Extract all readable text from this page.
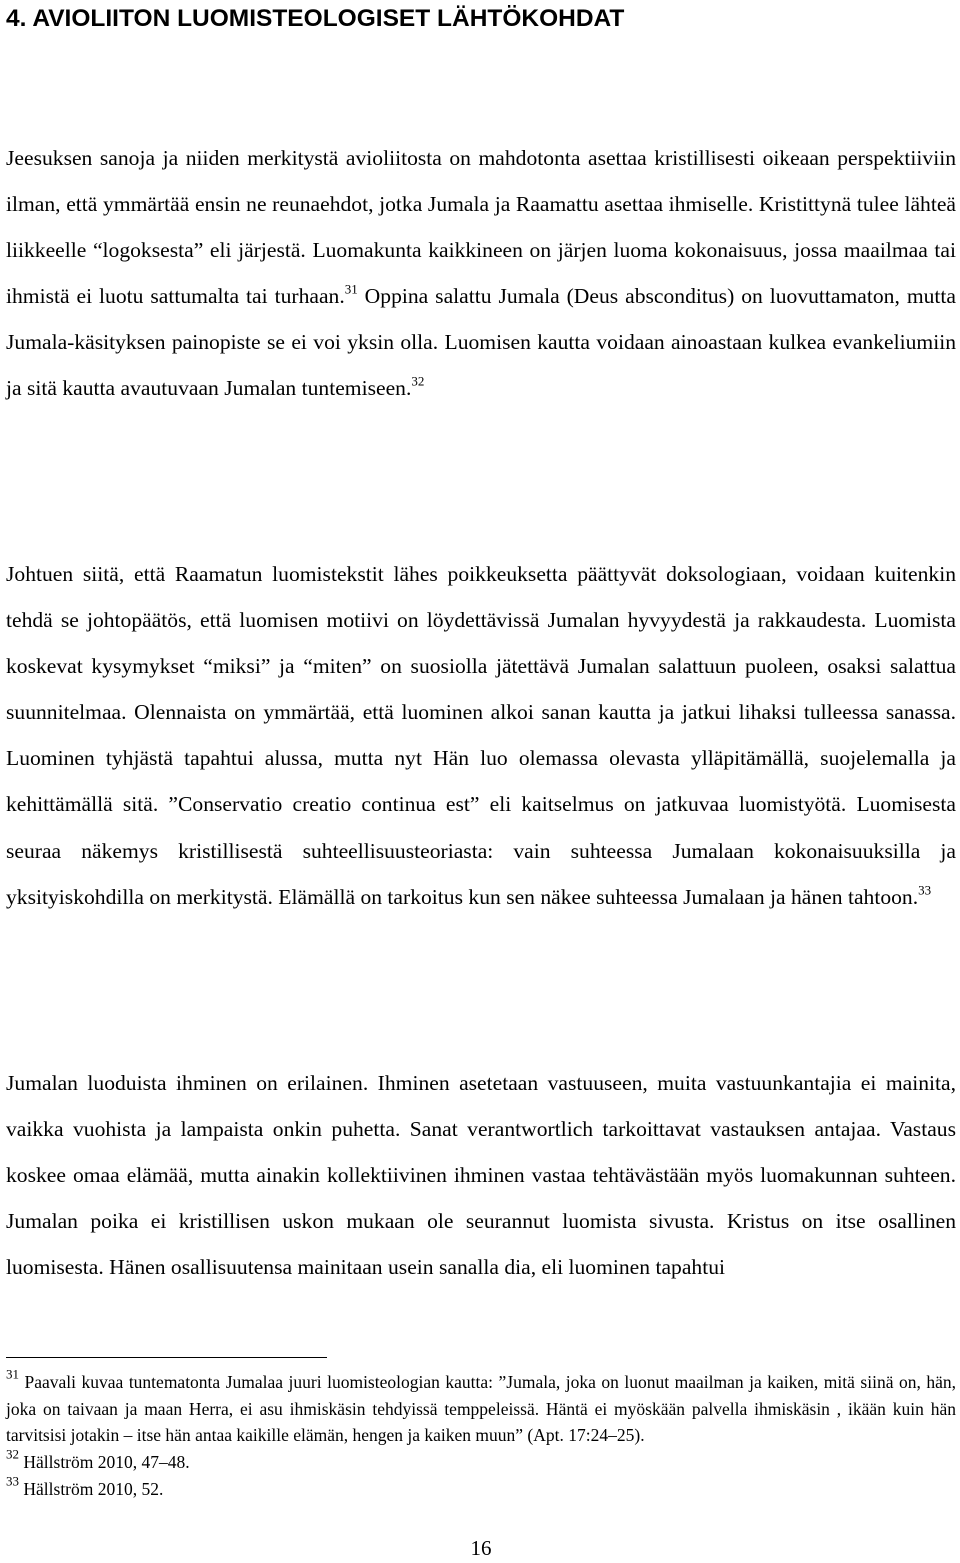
4. AVIOLIITON LUOMISTEOLOGISET LÄHTÖKOHDAT

Jeesuksen sanoja ja niiden merkitystä avioliitosta on mahdotonta asettaa kristillisesti oikeaan perspektiiviin ilman, että ymmärtää ensin ne reunaehdot, jotka Jumala ja Raamattu asettaa ihmiselle. Kristittynä tulee lähteä liikkeelle “logoksesta” eli järjestä. Luomakunta kaikkineen on järjen luoma kokonaisuus, jossa maailmaa tai ihmistä ei luotu sattumalta tai turhaan.$^{31}$ Oppina salattu Jumala (Deus absconditus) on luovuttamaton, mutta Jumala-käsityksen painopiste se ei voi yksin olla. Luomisen kautta voidaan ainoastaan kulkea evankeliumiin ja sitä kautta avautuvaan Jumalan tuntemiseen.$^{32}$

Johtuen siitä, että Raamatun luomistekstit lähes poikkeuksetta päättyvät doksologiaan, voidaan kuitenkin tehdä se johtopäätös, että luomisen motiivi on löydettävissä Jumalan hyvyydestä ja rakkaudesta. Luomista koskevat kysymykset “miksi” ja “miten” on suosiolla jätettävä Jumalan salattuun puoleen, osaksi salattua suunnitelmaa. Olennaista on ymmärtää, että luominen alkoi sanan kautta ja jatkui lihaksi tulleessa sanassa. Luominen tyhjästä tapahtui alussa, mutta nyt Hän luo olemassa olevasta ylläpitämällä, suojelemalla ja kehittämällä sitä. ”Conservatio creatio continua est” eli kaitselmus on jatkuvaa luomistyötä. Luomisesta seuraa näkemys kristillisestä suhteellisuusteoriasta: vain suhteessa Jumalaan kokonaisuuksilla ja yksityiskohdilla on merkitystä. Elämällä on tarkoitus kun sen näkee suhteessa Jumalaan ja hänen tahtoon.$^{33}$

Jumalan luoduista ihminen on erilainen. Ihminen asetetaan vastuuseen, muita vastuunkantajia ei mainita, vaikka vuohista ja lampaista onkin puhetta. Sanat verantwortlich tarkoittavat vastauksen antajaa. Vastaus koskee omaa elämää, mutta ainakin kollektiivinen ihminen vastaa tehtävästään myös luomakunnan suhteen. Jumalan poika ei kristillisen uskon mukaan ole seurannut luomista sivusta. Kristus on itse osallinen luomisesta. Hänen osallisuutensa mainitaan usein sanalla dia, eli luominen tapahtui

$^{31}$ Paavali kuvaa tuntematonta Jumalaa juuri luomisteologian kautta: ”Jumala, joka on luonut maailman ja kaiken, mitä siinä on, hän, joka on taivaan ja maan Herra, ei asu ihmiskäsin tehdyissä temppeleissä. Häntä ei myöskään palvella ihmiskäsin , ikään kuin hän tarvitsisi jotakin – itse hän antaa kaikille elämän, hengen ja kaiken muun” (Apt. 17:24–25).

$^{32}$ Hällström 2010, 47–48.

$^{33}$ Hällström 2010, 52.

16
